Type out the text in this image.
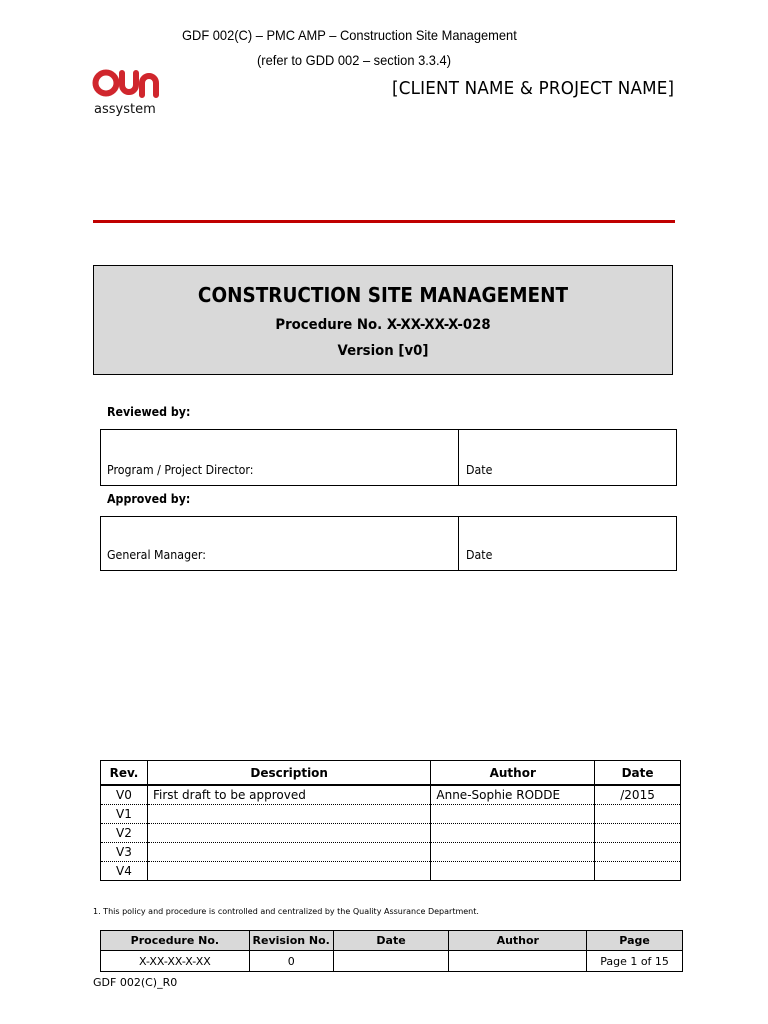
GDF 002(C) – PMC AMP – Construction Site Management
(refer to GDD 002 – section 3.3.4)
assystem
[CLIENT NAME & PROJECT NAME]
CONSTRUCTION SITE MANAGEMENT
Procedure No. X-XX-XX-X-028
Version [v0]
Reviewed by:
Program / Project Director:	Date
Approved by:
General Manager:	Date
Rev.	Description	Author	Date
V0	First draft to be approved	Anne-Sophie RODDE	/2015
V1			
V2			
V3			
V4			
1. This policy and procedure is controlled and centralized by the Quality Assurance Department.
Procedure No.	Revision No.	Date	Author	Page
X-XX-XX-X-XX	0			Page 1 of 15
GDF 002(C)_R0
